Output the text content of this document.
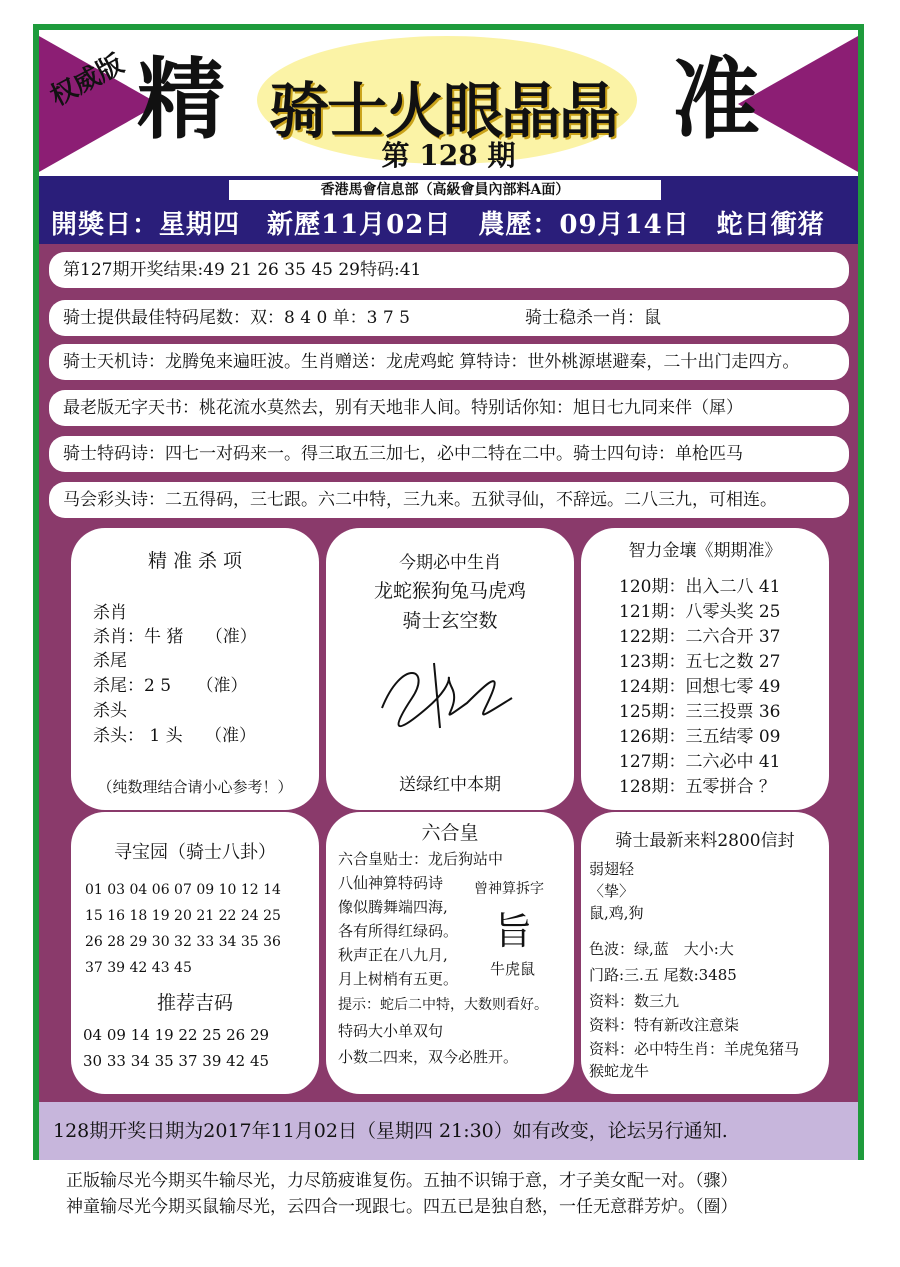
权威版 精	准
骑士火眼晶晶
第 128 期
香港馬會信息部（高級會員內部料A面）
開獎日：星期四　新歷11月02日　農歷：09月14日　蛇日衝猪
第127期开奖结果:49 21 26 35 45 29特码:41
骑士提供最佳特码尾数：双：8 4 0 单：3 7 5	骑士稳杀一肖：鼠
骑士天机诗：龙腾兔来遍旺波。生肖赠送：龙虎鸡蛇 算特诗：世外桃源堪避秦，二十出门走四方。
最老版无字天书：桃花流水莫然去，别有天地非人间。特别话你知：旭日七九同来伴（犀）
骑士特码诗：四七一对码来一。得三取五三加七，必中二特在二中。骑士四句诗：单枪匹马
马会彩头诗：二五得码，三七跟。六二中特，三九来。五狱寻仙，不辞远。二八三九，可相连。
精 准 杀 项
杀肖
杀肖：牛 猪　 （准）
杀尾
杀尾：2 5　　（准）
杀头
杀头： 1 头　 （准）
（纯数理结合请小心参考！）
今期必中生肖
龙蛇猴狗兔马虎鸡
骑士玄空数
送绿红中本期
智力金壤《期期准》
120期：出入二八 41
121期：八零头奖 25
122期：二六合开 37
123期：五七之数 27
124期：回想七零 49
125期：三三投票 36
126期：三五结零 09
127期：二六必中 41
128期：五零拼合 ？
寻宝园（骑士八卦）
01 03 04 06 07 09 10 12 14
15 16 18 19 20 21 22 24 25
26 28 29 30 32 33 34 35 36
37 39 42 43 45
推荐吉码
04 09 14 19 22 25 26 29
30 33 34 35 37 39 42 45
六合皇
六合皇贴士：龙后狗站中
八仙神算特码诗
像似腾舞端四海,
各有所得红绿码。
秋声正在八九月,
月上树梢有五更。
提示：蛇后二中特，大数则看好。
特码大小单双句
小数二四来，双今必胜开。
曾神算拆字
旨
牛虎鼠
骑士最新来料2800信封
弱翅轻
〈挚〉
鼠,鸡,狗
色波：绿,蓝　大小:大
门路:三.五 尾数:3485
资料：数三九
资料：特有新改注意柒
资料：必中特生肖：羊虎兔猪马
猴蛇龙牛
128期开奖日期为2017年11月02日（星期四 21:30）如有改变，论坛另行通知.
正版输尽光今期买牛输尽光，力尽筋疲谁复伤。五抽不识锦于意，才子美女配一对。（骤）
神童输尽光今期买鼠输尽光，云四合一现跟七。四五已是独自愁，一任无意群芳炉。（圈）
